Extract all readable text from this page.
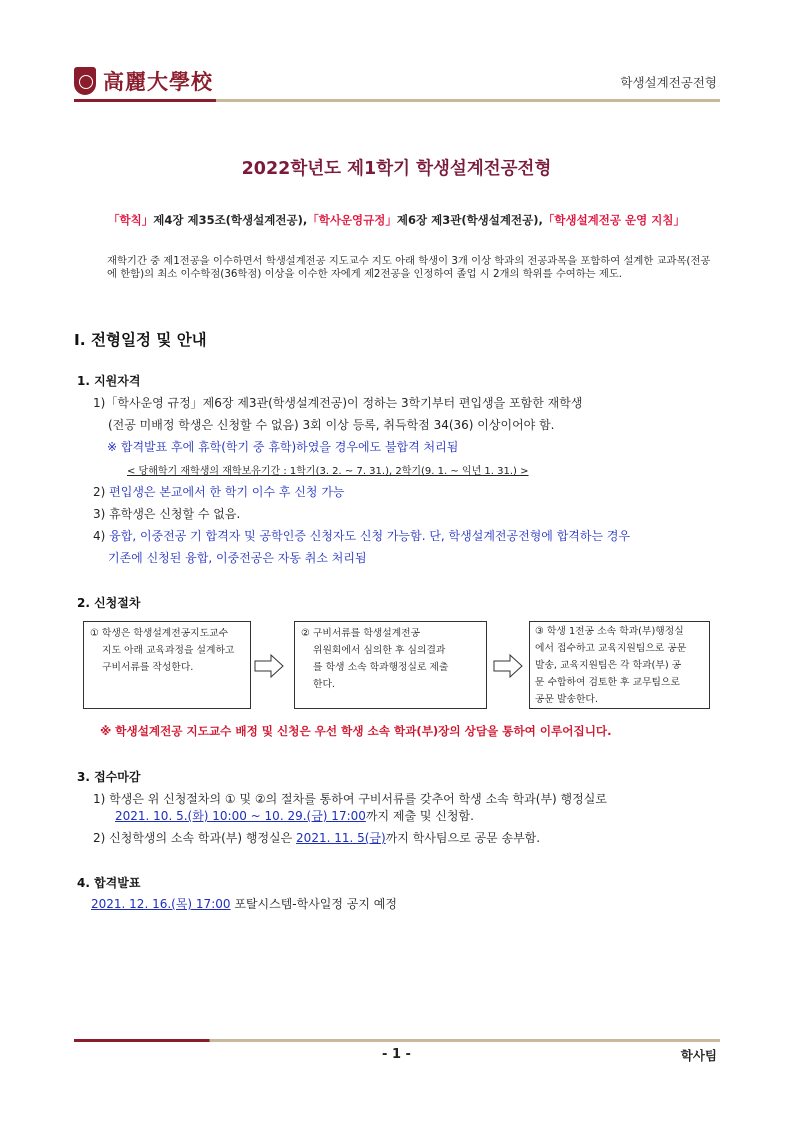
高麗大學校	학생설계전공전형
2022학년도 제1학기 학생설계전공전형
「학칙」제4장 제35조(학생설계전공),「학사운영규정」제6장 제3관(학생설계전공),「학생설계전공 운영 지침」
재학기간 중 제1전공을 이수하면서 학생설계전공 지도교수 지도 아래 학생이 3개 이상 학과의 전공과목을 포함하여 설계한 교과목(전공에 한함)의 최소 이수학점(36학점) 이상을 이수한 자에게 제2전공을 인정하여 졸업 시 2개의 학위를 수여하는 제도.
Ⅰ. 전형일정 및 안내
1. 지원자격
1)「학사운영 규정」제6장 제3관(학생설계전공)이 정하는 3학기부터 편입생을 포함한 재학생
(전공 미배정 학생은 신청할 수 없음) 3회 이상 등록, 취득학점 34(36) 이상이어야 함.
※ 합격발표 후에 휴학(학기 중 휴학)하였을 경우에도 불합격 처리됨
< 당해학기 재학생의 재학보유기간 : 1학기(3. 2. ~ 7. 31.), 2학기(9. 1. ~ 익년 1. 31.) >
2) 편입생은 본교에서 한 학기 이수 후 신청 가능
3) 휴학생은 신청할 수 없음.
4) 융합, 이중전공 기 합격자 및 공학인증 신청자도 신청 가능함. 단, 학생설계전공전형에 합격하는 경우
기존에 신청된 융합, 이중전공은 자동 취소 처리됨
2. 신청절차
① 학생은 학생설계전공지도교수
지도 아래 교육과정을 설계하고
구비서류를 작성한다.
② 구비서류를 학생설계전공
위원회에서 심의한 후 심의결과
를 학생 소속 학과행정실로 제출
한다.
③ 학생 1전공 소속 학과(부)행정실
에서 접수하고 교육지원팀으로 공문
발송, 교육지원팀은 각 학과(부) 공
문 수합하여 검토한 후 교무팀으로
공문 발송한다.
※ 학생설계전공 지도교수 배정 및 신청은 우선 학생 소속 학과(부)장의 상담을 통하여 이루어집니다.
3. 접수마감
1) 학생은 위 신청절차의 ① 및 ②의 절차를 통하여 구비서류를 갖추어 학생 소속 학과(부) 행정실로
2021. 10. 5.(화) 10:00 ~ 10. 29.(금) 17:00까지 제출 및 신청함.
2) 신청학생의 소속 학과(부) 행정실은 2021. 11. 5(금)까지 학사팀으로 공문 송부함.
4. 합격발표
2021. 12. 16.(목) 17:00 포탈시스템-학사일정 공지 예정
- 1 -	학사팀
